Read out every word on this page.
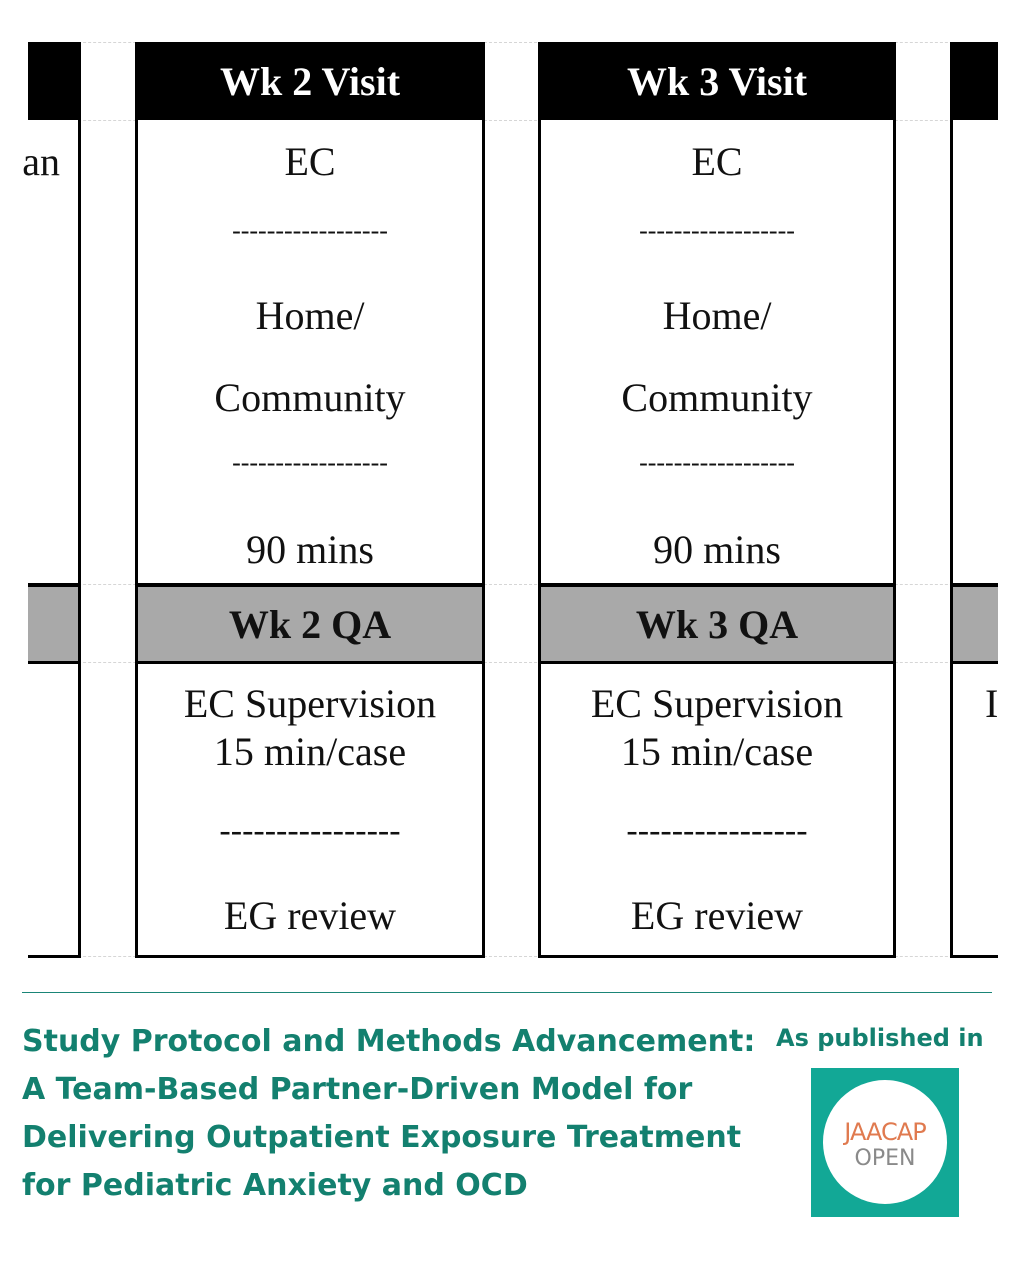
an
Wk 2 Visit
EC
------------------
Home/
Community
------------------
90 mins
Wk 2 QA
EC Supervision
15 min/case
----------------
EG review
Wk 3 Visit
EC
------------------
Home/
Community
------------------
90 mins
Wk 3 QA
EC Supervision
15 min/case
----------------
EG review
I
Study Protocol and Methods Advancement:
A Team-Based Partner-Driven Model for
Delivering Outpatient Exposure Treatment
for Pediatric Anxiety and OCD
As published in
JAACAP
OPEN
